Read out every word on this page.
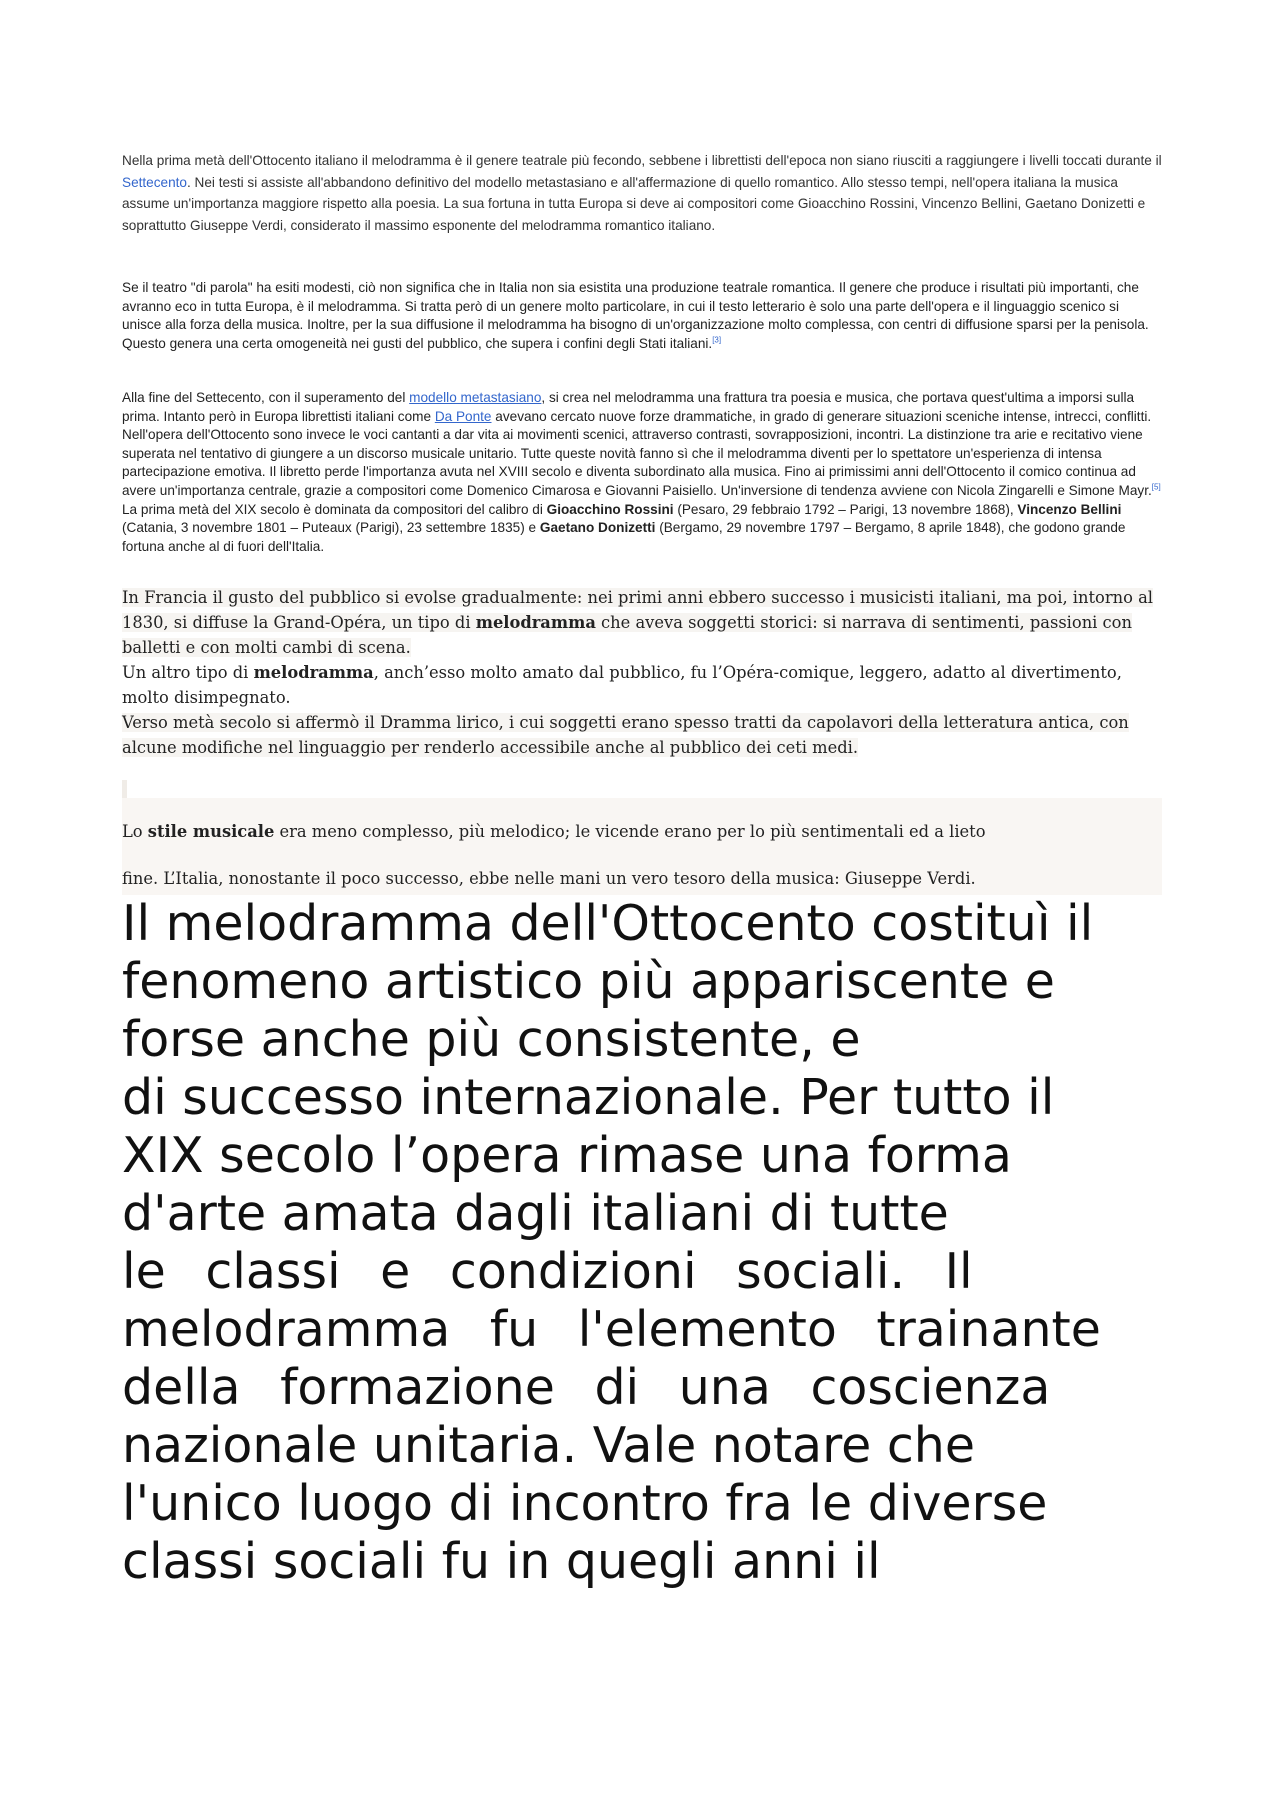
Nella prima metà dell'Ottocento italiano il melodramma è il genere teatrale più fecondo, sebbene i librettisti dell'epoca non siano riusciti a raggiungere i livelli toccati durante il Settecento. Nei testi si assiste all'abbandono definitivo del modello metastasiano e all'affermazione di quello romantico. Allo stesso tempi, nell'opera italiana la musica assume un'importanza maggiore rispetto alla poesia. La sua fortuna in tutta Europa si deve ai compositori come Gioacchino Rossini, Vincenzo Bellini, Gaetano Donizetti e soprattutto Giuseppe Verdi, considerato il massimo esponente del melodramma romantico italiano.

Se il teatro "di parola" ha esiti modesti, ciò non significa che in Italia non sia esistita una produzione teatrale romantica. Il genere che produce i risultati più importanti, che avranno eco in tutta Europa, è il melodramma. Si tratta però di un genere molto particolare, in cui il testo letterario è solo una parte dell'opera e il linguaggio scenico si unisce alla forza della musica. Inoltre, per la sua diffusione il melodramma ha bisogno di un'organizzazione molto complessa, con centri di diffusione sparsi per la penisola. Questo genera una certa omogeneità nei gusti del pubblico, che supera i confini degli Stati italiani.[3]

Alla fine del Settecento, con il superamento del modello metastasiano, si crea nel melodramma una frattura tra poesia e musica, che portava quest'ultima a imporsi sulla prima. Intanto però in Europa librettisti italiani come Da Ponte avevano cercato nuove forze drammatiche, in grado di generare situazioni sceniche intense, intrecci, conflitti. Nell'opera dell'Ottocento sono invece le voci cantanti a dar vita ai movimenti scenici, attraverso contrasti, sovrapposizioni, incontri. La distinzione tra arie e recitativo viene superata nel tentativo di giungere a un discorso musicale unitario. Tutte queste novità fanno sì che il melodramma diventi per lo spettatore un'esperienza di intensa partecipazione emotiva. Il libretto perde l'importanza avuta nel XVIII secolo e diventa subordinato alla musica. Fino ai primissimi anni dell'Ottocento il comico continua ad avere un'importanza centrale, grazie a compositori come Domenico Cimarosa e Giovanni Paisiello. Un'inversione di tendenza avviene con Nicola Zingarelli e Simone Mayr.[5] La prima metà del XIX secolo è dominata da compositori del calibro di Gioacchino Rossini (Pesaro, 29 febbraio 1792 – Parigi, 13 novembre 1868), Vincenzo Bellini (Catania, 3 novembre 1801 – Puteaux (Parigi), 23 settembre 1835) e Gaetano Donizetti (Bergamo, 29 novembre 1797 – Bergamo, 8 aprile 1848), che godono grande fortuna anche al di fuori dell'Italia.

In Francia il gusto del pubblico si evolse gradualmente: nei primi anni ebbero successo i musicisti italiani, ma poi, intorno al 1830, si diffuse la Grand-Opéra, un tipo di melodramma che aveva soggetti storici: si narrava di sentimenti, passioni con balletti e con molti cambi di scena.

Un altro tipo di melodramma, anch’esso molto amato dal pubblico, fu l’Opéra-comique, leggero, adatto al divertimento, molto disimpegnato.

Verso metà secolo si affermò il Dramma lirico, i cui soggetti erano spesso tratti da capolavori della letteratura antica, con alcune modifiche nel linguaggio per renderlo accessibile anche al pubblico dei ceti medi.

Lo stile musicale era meno complesso, più melodico; le vicende erano per lo più sentimentali ed a lieto

fine. L’Italia, nonostante il poco successo, ebbe nelle mani un vero tesoro della musica: Giuseppe Verdi.

Il melodramma dell'Ottocento costituì il

fenomeno artistico più appariscente e

forse anche più consistente, e

di successo internazionale. Per tutto il

XIX secolo l’opera rimase una forma

d'arte amata dagli italiani di tutte

le classi e condizioni sociali. Il

melodramma fu l'elemento trainante

della formazione di una coscienza

nazionale unitaria. Vale notare che

l'unico luogo di incontro fra le diverse

classi sociali fu in quegli anni il
